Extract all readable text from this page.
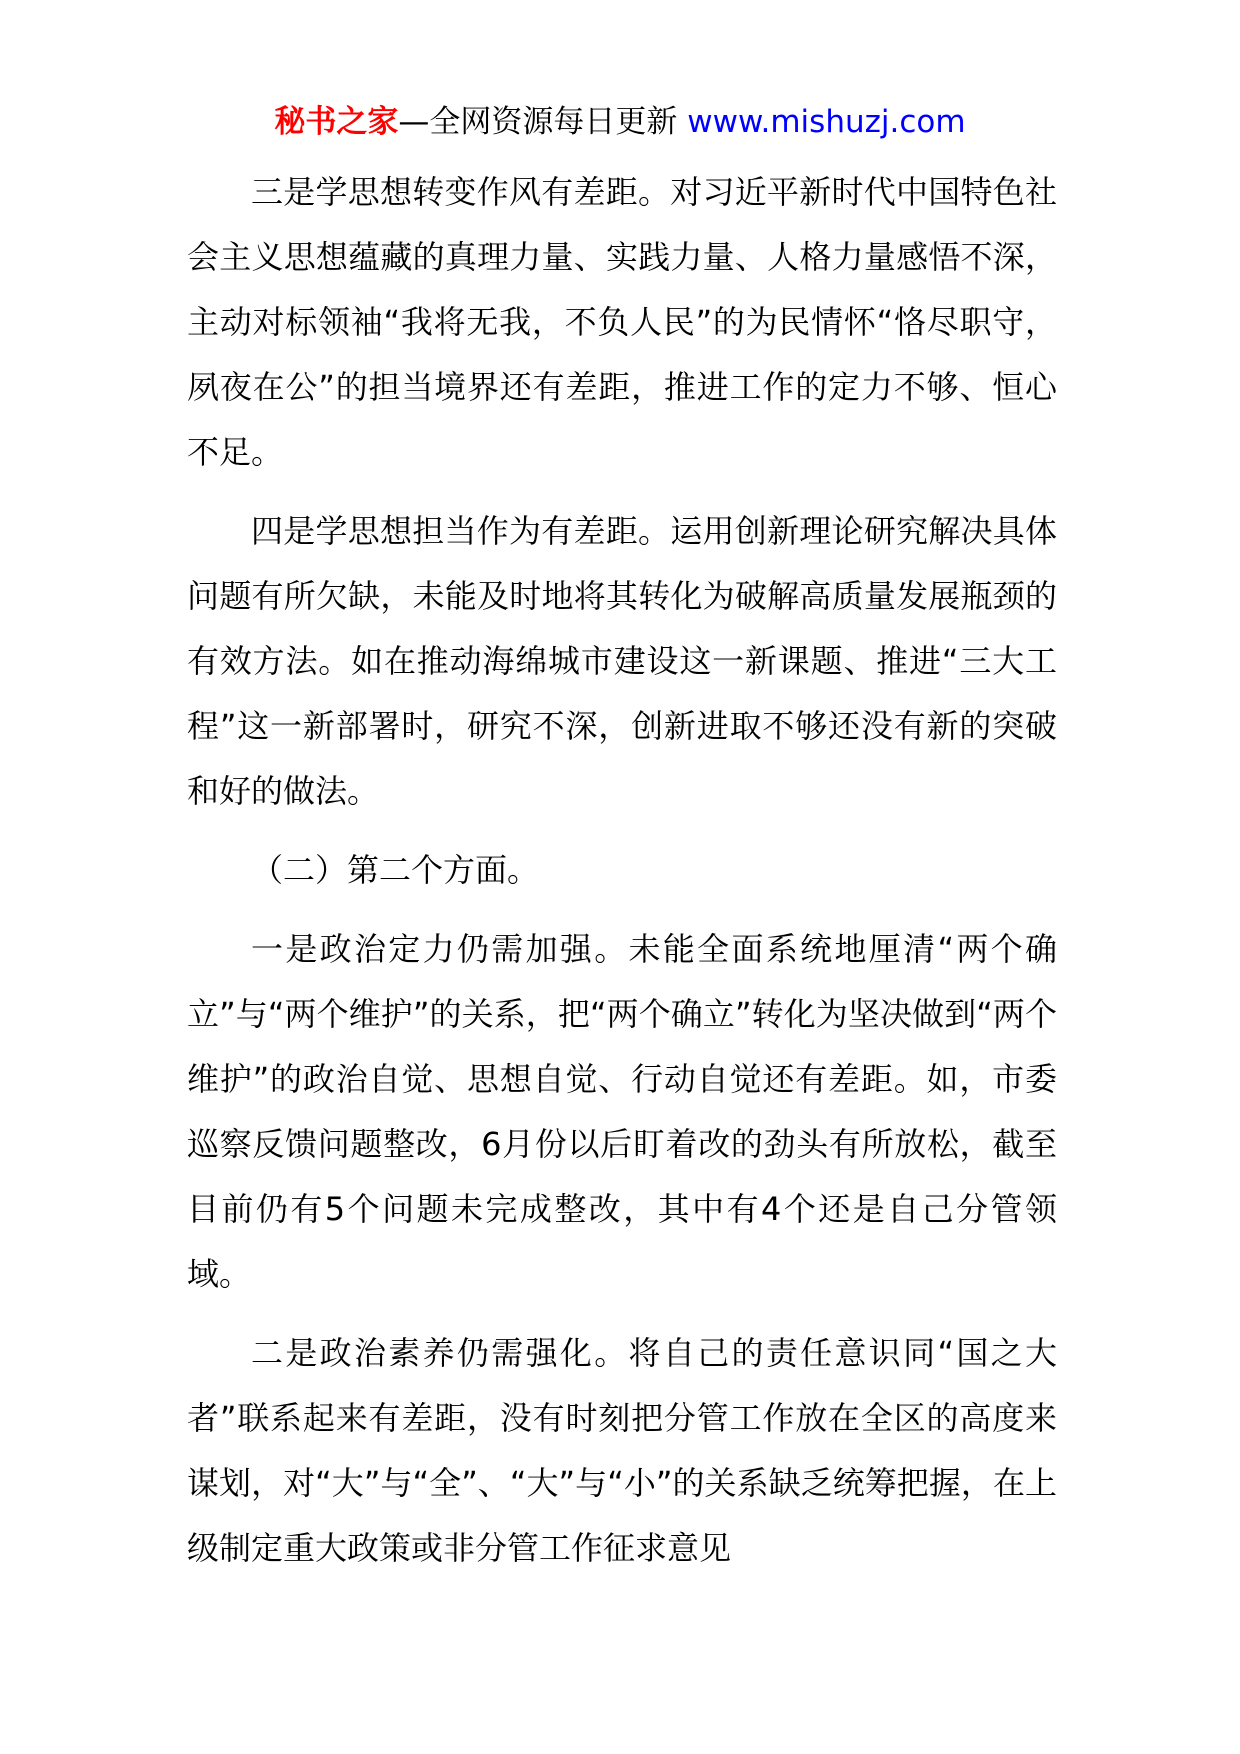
秘书之家—全网资源每日更新 www.mishuzj.com

三是学思想转变作风有差距。对习近平新时代中国特色社会主义思想蕴藏的真理力量、实践力量、人格力量感悟不深，主动对标领袖“我将无我，不负人民”的为民情怀“恪尽职守，夙夜在公”的担当境界还有差距，推进工作的定力不够、恒心不足。

四是学思想担当作为有差距。运用创新理论研究解决具体问题有所欠缺，未能及时地将其转化为破解高质量发展瓶颈的有效方法。如在推动海绵城市建设这一新课题、推进“三大工程”这一新部署时，研究不深，创新进取不够还没有新的突破和好的做法。

（二）第二个方面。

一是政治定力仍需加强。未能全面系统地厘清“两个确立”与“两个维护”的关系，把“两个确立”转化为坚决做到“两个维护”的政治自觉、思想自觉、行动自觉还有差距。如，市委巡察反馈问题整改，6月份以后盯着改的劲头有所放松，截至目前仍有5个问题未完成整改，其中有4个还是自己分管领域。

二是政治素养仍需强化。将自己的责任意识同“国之大者”联系起来有差距，没有时刻把分管工作放在全区的高度来谋划，对“大”与“全”、“大”与“小”的关系缺乏统筹把握，在上级制定重大政策或非分管工作征求意见
